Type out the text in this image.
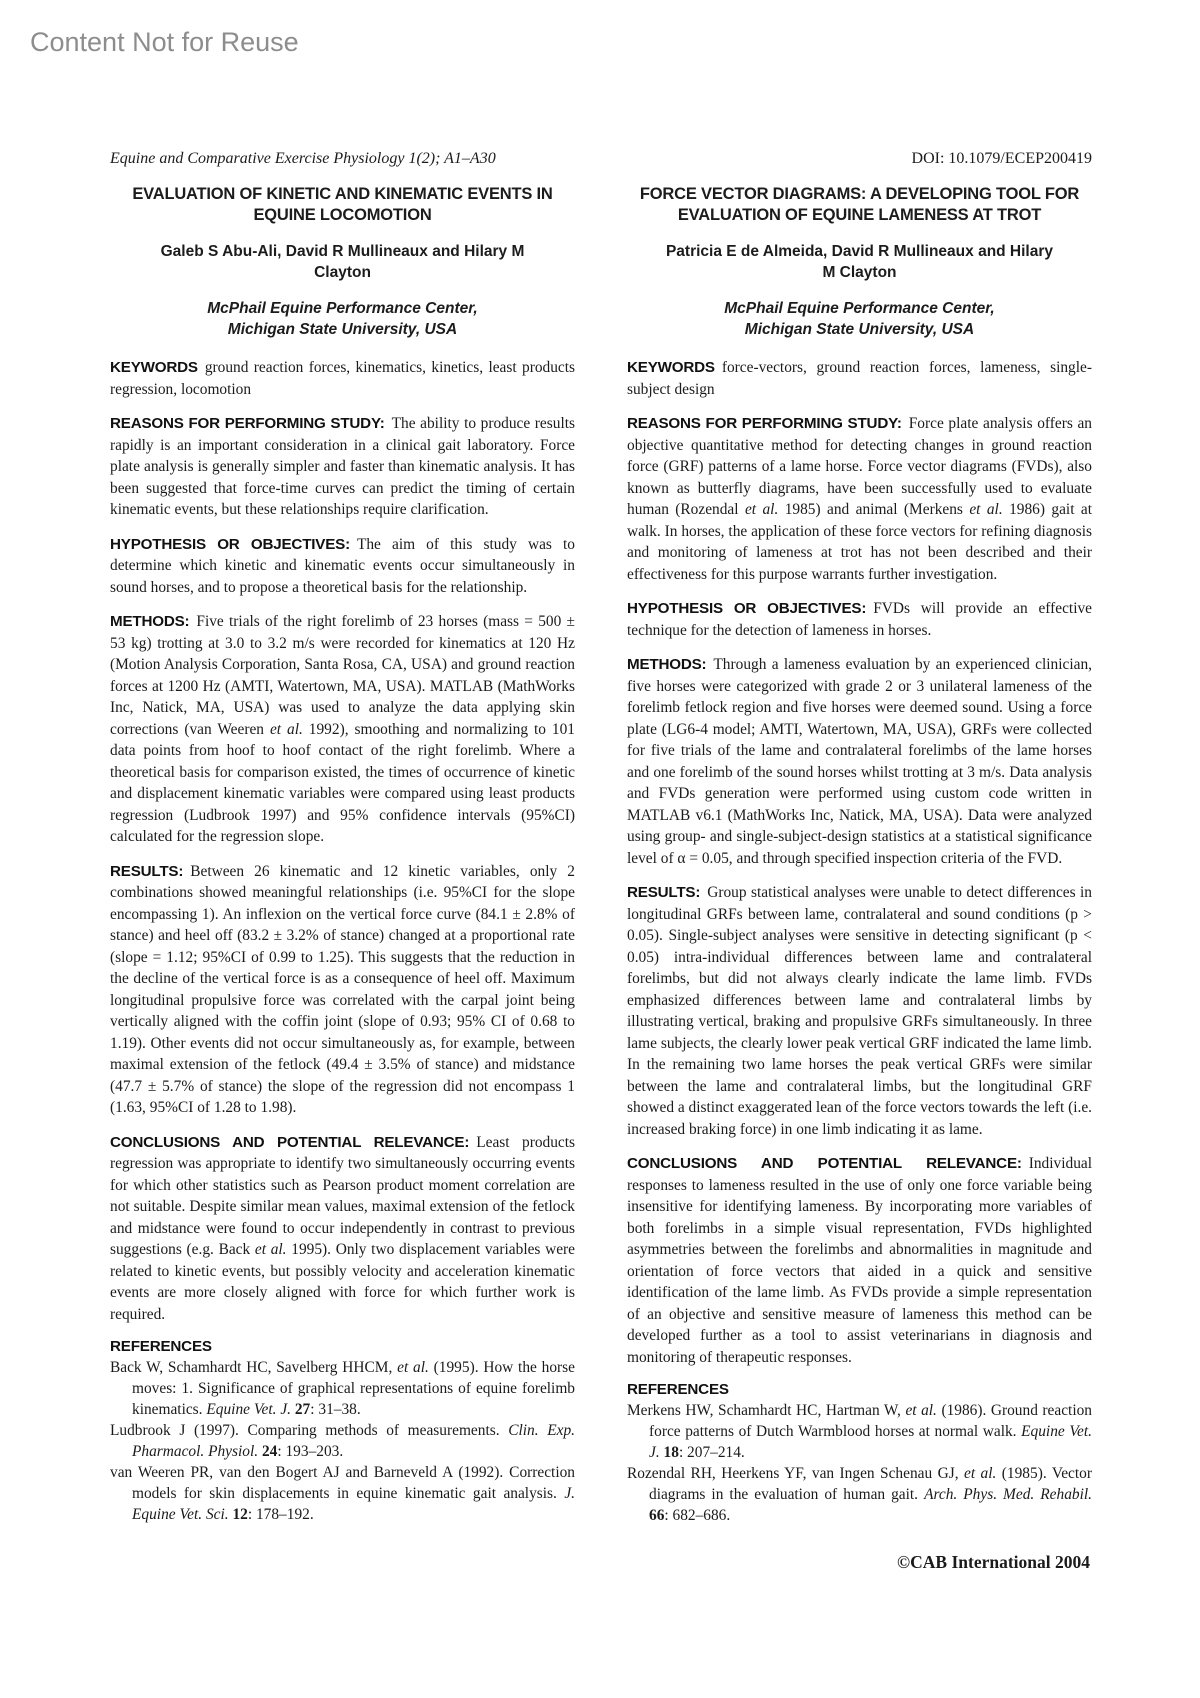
Content Not for Reuse
Equine and Comparative Exercise Physiology 1(2); A1–A30	DOI: 10.1079/ECEP200419
EVALUATION OF KINETIC AND KINEMATIC EVENTS IN EQUINE LOCOMOTION
Galeb S Abu-Ali, David R Mullineaux and Hilary M Clayton
McPhail Equine Performance Center, Michigan State University, USA

KEYWORDS ground reaction forces, kinematics, kinetics, least products regression, locomotion

REASONS FOR PERFORMING STUDY: The ability to produce results rapidly is an important consideration in a clinical gait laboratory. Force plate analysis is generally simpler and faster than kinematic analysis. It has been suggested that force-time curves can predict the timing of certain kinematic events, but these relationships require clarification.

HYPOTHESIS OR OBJECTIVES: The aim of this study was to determine which kinetic and kinematic events occur simultaneously in sound horses, and to propose a theoretical basis for the relationship.

METHODS: Five trials of the right forelimb of 23 horses (mass = 500 ± 53 kg) trotting at 3.0 to 3.2 m/s were recorded for kinematics at 120 Hz (Motion Analysis Corporation, Santa Rosa, CA, USA) and ground reaction forces at 1200 Hz (AMTI, Watertown, MA, USA). MATLAB (MathWorks Inc, Natick, MA, USA) was used to analyze the data applying skin corrections (van Weeren et al. 1992), smoothing and normalizing to 101 data points from hoof to hoof contact of the right forelimb. Where a theoretical basis for comparison existed, the times of occurrence of kinetic and displacement kinematic variables were compared using least products regression (Ludbrook 1997) and 95% confidence intervals (95%CI) calculated for the regression slope.

RESULTS: Between 26 kinematic and 12 kinetic variables, only 2 combinations showed meaningful relationships (i.e. 95%CI for the slope encompassing 1). An inflexion on the vertical force curve (84.1 ± 2.8% of stance) and heel off (83.2 ± 3.2% of stance) changed at a proportional rate (slope = 1.12; 95%CI of 0.99 to 1.25). This suggests that the reduction in the decline of the vertical force is as a consequence of heel off. Maximum longitudinal propulsive force was correlated with the carpal joint being vertically aligned with the coffin joint (slope of 0.93; 95% CI of 0.68 to 1.19). Other events did not occur simultaneously as, for example, between maximal extension of the fetlock (49.4 ± 3.5% of stance) and midstance (47.7 ± 5.7% of stance) the slope of the regression did not encompass 1 (1.63, 95%CI of 1.28 to 1.98).

CONCLUSIONS AND POTENTIAL RELEVANCE: Least products regression was appropriate to identify two simultaneously occurring events for which other statistics such as Pearson product moment correlation are not suitable. Despite similar mean values, maximal extension of the fetlock and midstance were found to occur independently in contrast to previous suggestions (e.g. Back et al. 1995). Only two displacement variables were related to kinetic events, but possibly velocity and acceleration kinematic events are more closely aligned with force for which further work is required.

REFERENCES

Back W, Schamhardt HC, Savelberg HHCM, et al. (1995). How the horse moves: 1. Significance of graphical representations of equine forelimb kinematics. Equine Vet. J. 27: 31–38.

Ludbrook J (1997). Comparing methods of measurements. Clin. Exp. Pharmacol. Physiol. 24: 193–203.

van Weeren PR, van den Bogert AJ and Barneveld A (1992). Correction models for skin displacements in equine kinematic gait analysis. J. Equine Vet. Sci. 12: 178–192.

FORCE VECTOR DIAGRAMS: A DEVELOPING TOOL FOR EVALUATION OF EQUINE LAMENESS AT TROT
Patricia E de Almeida, David R Mullineaux and Hilary M Clayton
McPhail Equine Performance Center, Michigan State University, USA

KEYWORDS force-vectors, ground reaction forces, lameness, single-subject design

REASONS FOR PERFORMING STUDY: Force plate analysis offers an objective quantitative method for detecting changes in ground reaction force (GRF) patterns of a lame horse. Force vector diagrams (FVDs), also known as butterfly diagrams, have been successfully used to evaluate human (Rozendal et al. 1985) and animal (Merkens et al. 1986) gait at walk. In horses, the application of these force vectors for refining diagnosis and monitoring of lameness at trot has not been described and their effectiveness for this purpose warrants further investigation.

HYPOTHESIS OR OBJECTIVES: FVDs will provide an effective technique for the detection of lameness in horses.

METHODS: Through a lameness evaluation by an experienced clinician, five horses were categorized with grade 2 or 3 unilateral lameness of the forelimb fetlock region and five horses were deemed sound. Using a force plate (LG6-4 model; AMTI, Watertown, MA, USA), GRFs were collected for five trials of the lame and contralateral forelimbs of the lame horses and one forelimb of the sound horses whilst trotting at 3 m/s. Data analysis and FVDs generation were performed using custom code written in MATLAB v6.1 (MathWorks Inc, Natick, MA, USA). Data were analyzed using group- and single-subject-design statistics at a statistical significance level of α = 0.05, and through specified inspection criteria of the FVD.

RESULTS: Group statistical analyses were unable to detect differences in longitudinal GRFs between lame, contralateral and sound conditions (p > 0.05). Single-subject analyses were sensitive in detecting significant (p < 0.05) intra-individual differences between lame and contralateral forelimbs, but did not always clearly indicate the lame limb. FVDs emphasized differences between lame and contralateral limbs by illustrating vertical, braking and propulsive GRFs simultaneously. In three lame subjects, the clearly lower peak vertical GRF indicated the lame limb. In the remaining two lame horses the peak vertical GRFs were similar between the lame and contralateral limbs, but the longitudinal GRF showed a distinct exaggerated lean of the force vectors towards the left (i.e. increased braking force) in one limb indicating it as lame.

CONCLUSIONS AND POTENTIAL RELEVANCE: Individual responses to lameness resulted in the use of only one force variable being insensitive for identifying lameness. By incorporating more variables of both forelimbs in a simple visual representation, FVDs highlighted asymmetries between the forelimbs and abnormalities in magnitude and orientation of force vectors that aided in a quick and sensitive identification of the lame limb. As FVDs provide a simple representation of an objective and sensitive measure of lameness this method can be developed further as a tool to assist veterinarians in diagnosis and monitoring of therapeutic responses.

REFERENCES

Merkens HW, Schamhardt HC, Hartman W, et al. (1986). Ground reaction force patterns of Dutch Warmblood horses at normal walk. Equine Vet. J. 18: 207–214.

Rozendal RH, Heerkens YF, van Ingen Schenau GJ, et al. (1985). Vector diagrams in the evaluation of human gait. Arch. Phys. Med. Rehabil. 66: 682–686.

©CAB International 2004
